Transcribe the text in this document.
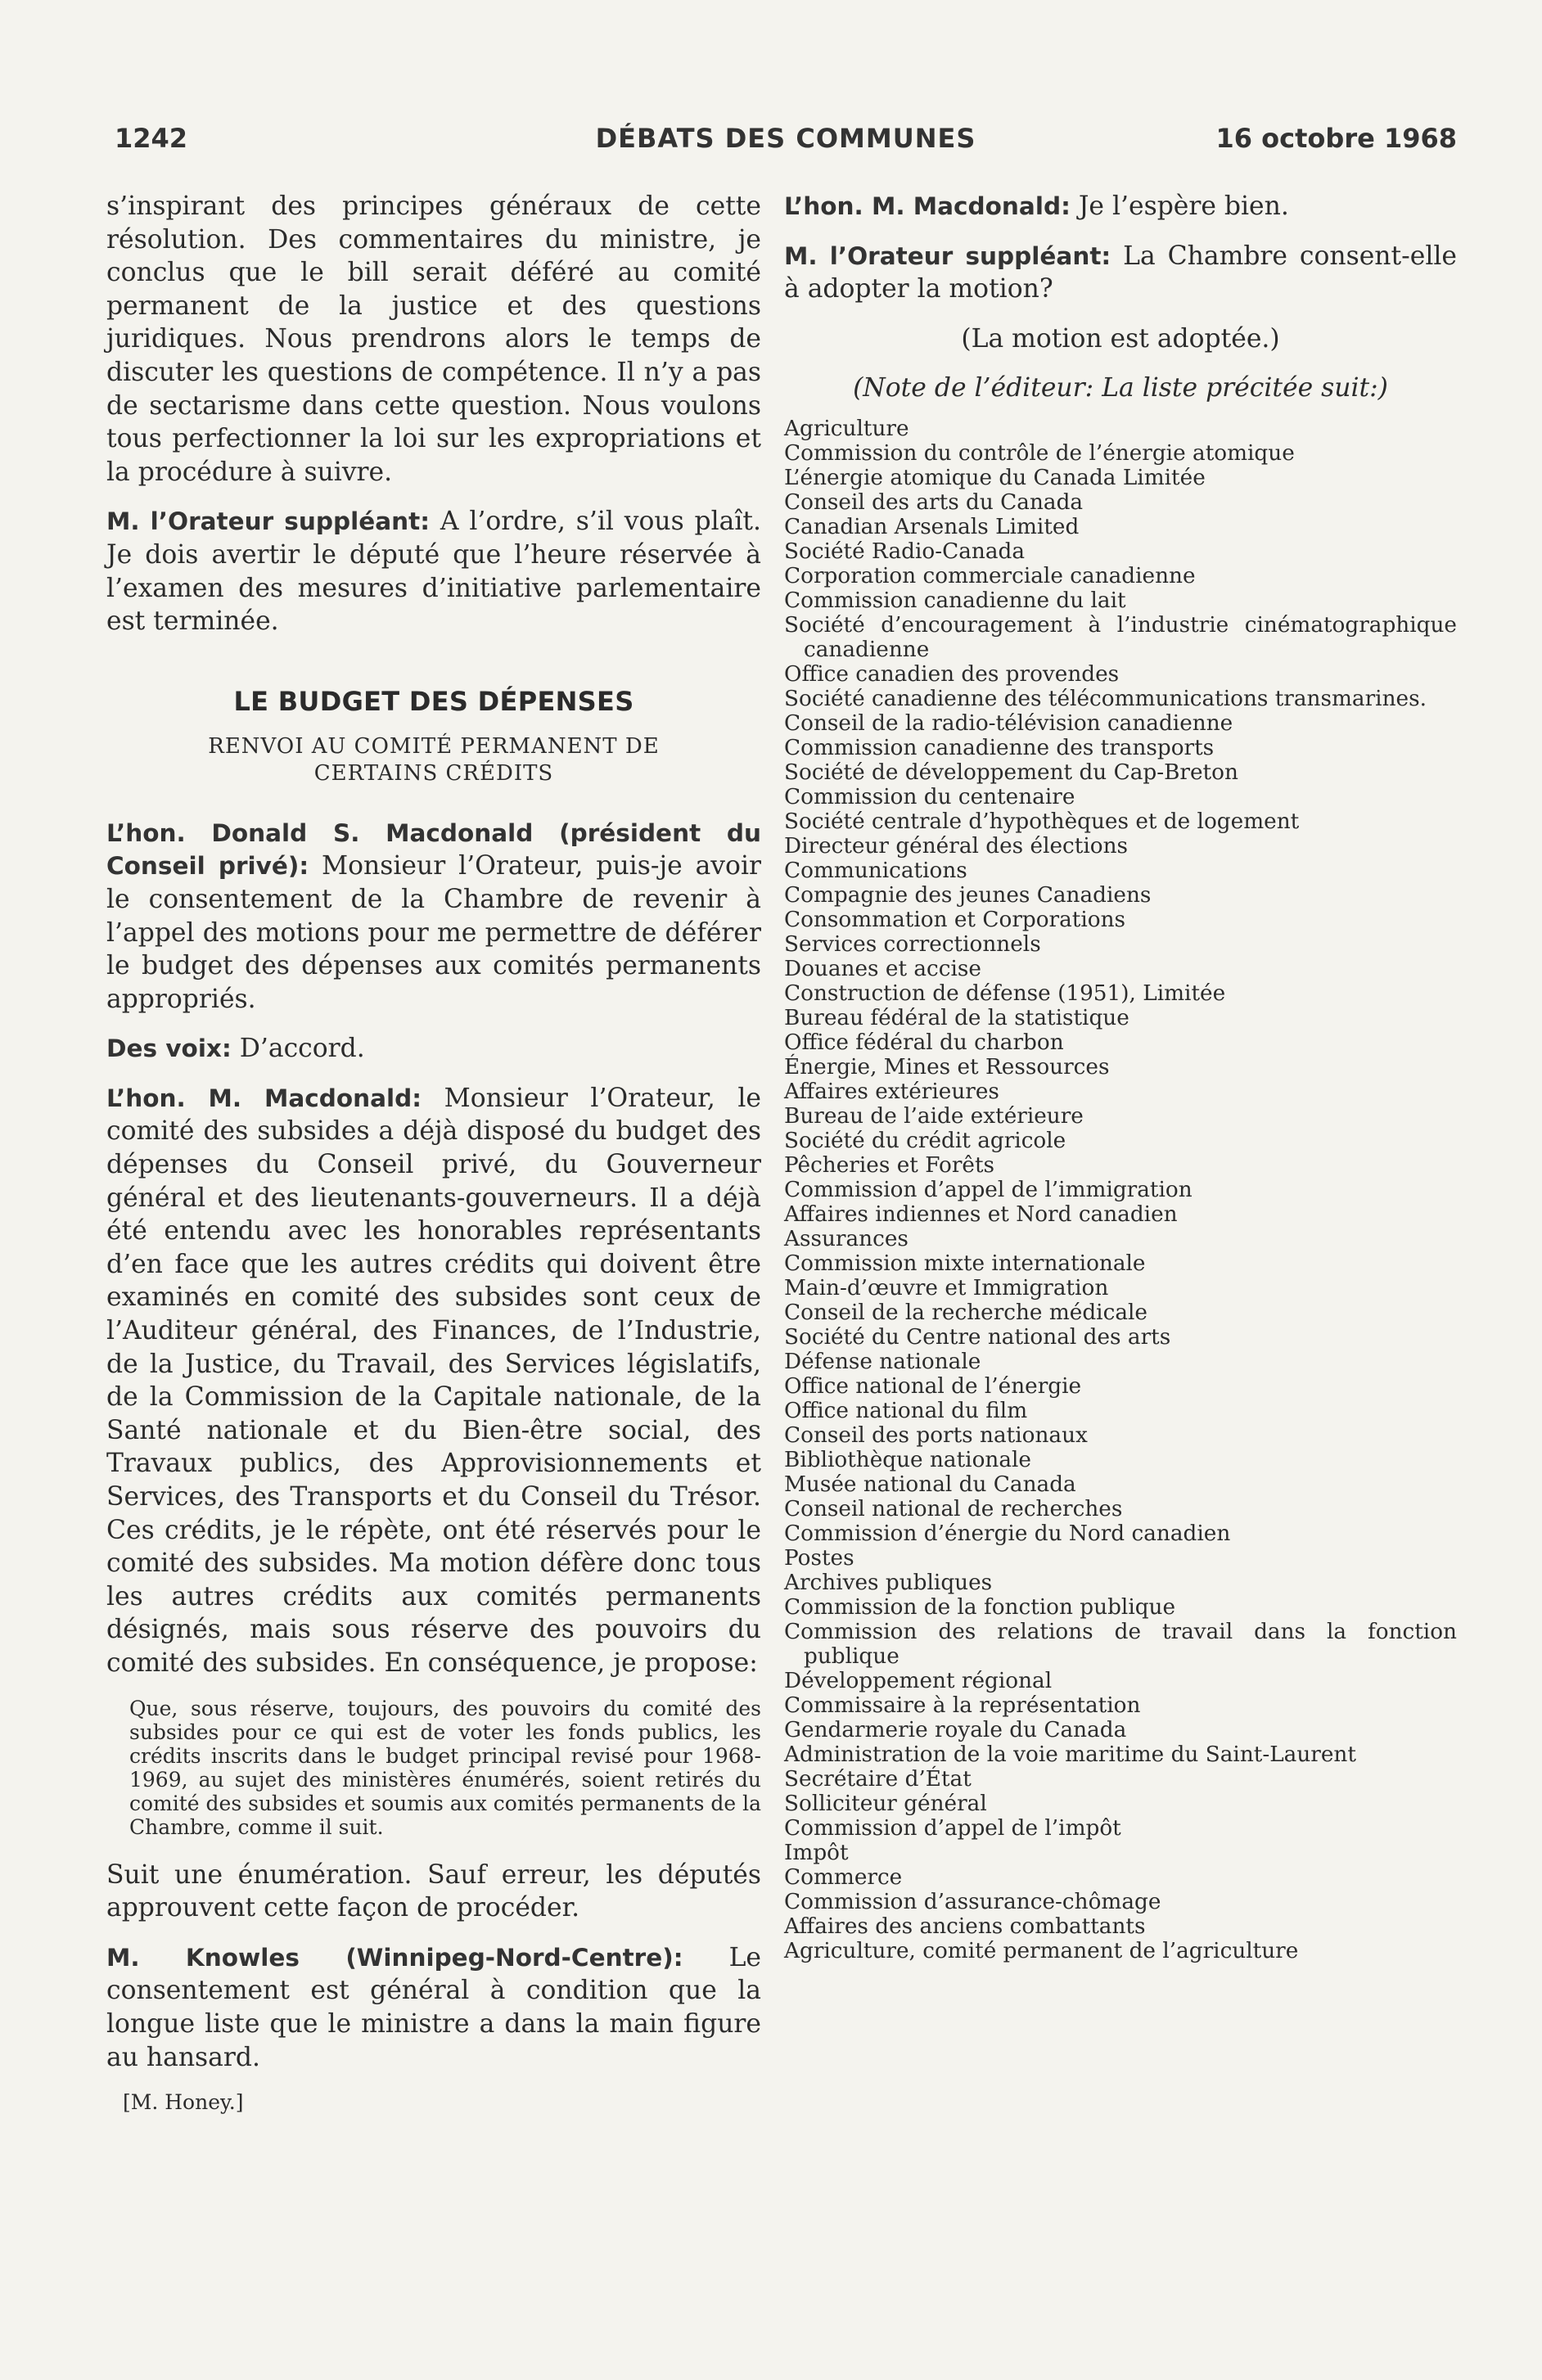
1242	DÉBATS DES COMMUNES	16 octobre 1968

s’inspirant des principes généraux de cette résolution. Des commentaires du ministre, je conclus que le bill serait déféré au comité permanent de la justice et des questions juridiques. Nous prendrons alors le temps de discuter les questions de compétence. Il n’y a pas de sectarisme dans cette question. Nous voulons tous perfectionner la loi sur les expropriations et la procédure à suivre.

M. l’Orateur suppléant: A l’ordre, s’il vous plaît. Je dois avertir le député que l’heure réservée à l’examen des mesures d’initiative parlementaire est terminée.

LE BUDGET DES DÉPENSES
RENVOI AU COMITÉ PERMANENT DE
CERTAINS CRÉDITS

L’hon. Donald S. Macdonald (président du Conseil privé): Monsieur l’Orateur, puis-je avoir le consentement de la Chambre de revenir à l’appel des motions pour me permettre de déférer le budget des dépenses aux comités permanents appropriés.

Des voix: D’accord.

L’hon. M. Macdonald: Monsieur l’Orateur, le comité des subsides a déjà disposé du budget des dépenses du Conseil privé, du Gouverneur général et des lieutenants-gouverneurs. Il a déjà été entendu avec les honorables représentants d’en face que les autres crédits qui doivent être examinés en comité des subsides sont ceux de l’Auditeur général, des Finances, de l’Industrie, de la Justice, du Travail, des Services législatifs, de la Commission de la Capitale nationale, de la Santé nationale et du Bien-être social, des Travaux publics, des Approvisionnements et Services, des Transports et du Conseil du Trésor. Ces crédits, je le répète, ont été réservés pour le comité des subsides. Ma motion défère donc tous les autres crédits aux comités permanents désignés, mais sous réserve des pouvoirs du comité des subsides. En conséquence, je propose:

Que, sous réserve, toujours, des pouvoirs du comité des subsides pour ce qui est de voter les fonds publics, les crédits inscrits dans le budget principal revisé pour 1968-1969, au sujet des ministères énumérés, soient retirés du comité des subsides et soumis aux comités permanents de la Chambre, comme il suit.

Suit une énumération. Sauf erreur, les députés approuvent cette façon de procéder.

M. Knowles (Winnipeg-Nord-Centre): Le consentement est général à condition que la longue liste que le ministre a dans la main figure au hansard.

[M. Honey.]

L’hon. M. Macdonald: Je l’espère bien.

M. l’Orateur suppléant: La Chambre consent-elle à adopter la motion?

(La motion est adoptée.)

(Note de l’éditeur: La liste précitée suit:)

Agriculture
Commission du contrôle de l’énergie atomique
L’énergie atomique du Canada Limitée
Conseil des arts du Canada
Canadian Arsenals Limited
Société Radio-Canada
Corporation commerciale canadienne
Commission canadienne du lait
Société d’encouragement à l’industrie cinématographique canadienne
Office canadien des provendes
Société canadienne des télécommunications transmarines.
Conseil de la radio-télévision canadienne
Commission canadienne des transports
Société de développement du Cap-Breton
Commission du centenaire
Société centrale d’hypothèques et de logement
Directeur général des élections
Communications
Compagnie des jeunes Canadiens
Consommation et Corporations
Services correctionnels
Douanes et accise
Construction de défense (1951), Limitée
Bureau fédéral de la statistique
Office fédéral du charbon
Énergie, Mines et Ressources
Affaires extérieures
Bureau de l’aide extérieure
Société du crédit agricole
Pêcheries et Forêts
Commission d’appel de l’immigration
Affaires indiennes et Nord canadien
Assurances
Commission mixte internationale
Main-d’œuvre et Immigration
Conseil de la recherche médicale
Société du Centre national des arts
Défense nationale
Office national de l’énergie
Office national du film
Conseil des ports nationaux
Bibliothèque nationale
Musée national du Canada
Conseil national de recherches
Commission d’énergie du Nord canadien
Postes
Archives publiques
Commission de la fonction publique
Commission des relations de travail dans la fonction publique
Développement régional
Commissaire à la représentation
Gendarmerie royale du Canada
Administration de la voie maritime du Saint-Laurent
Secrétaire d’État
Solliciteur général
Commission d’appel de l’impôt
Impôt
Commerce
Commission d’assurance-chômage
Affaires des anciens combattants
Agriculture, comité permanent de l’agriculture
